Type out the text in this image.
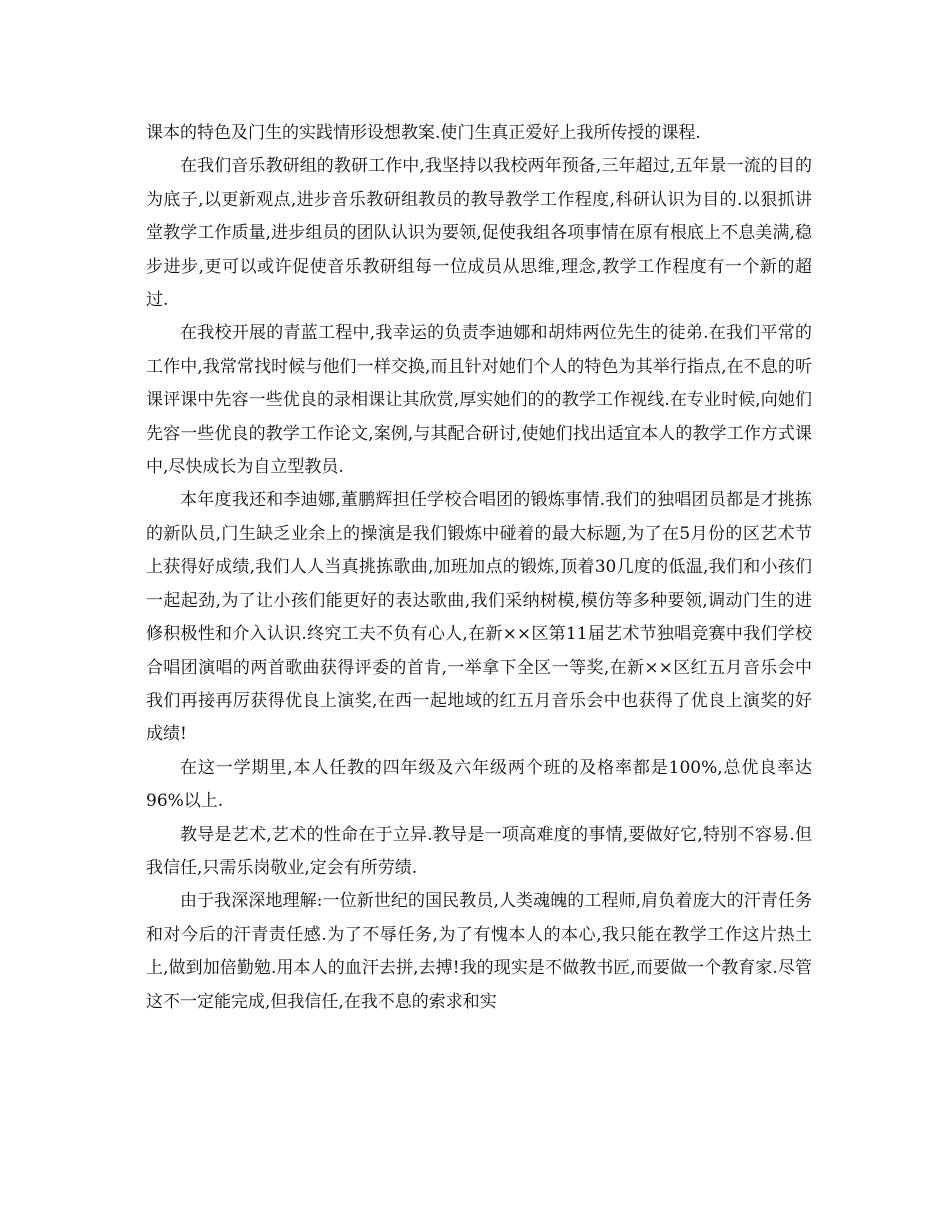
课本的特色及门生的实践情形设想教案.使门生真正爱好上我所传授的课程.

在我们音乐教研组的教研工作中,我坚持以我校两年预备,三年超过,五年景一流的目的为底子,以更新观点,进步音乐教研组教员的教导教学工作程度,科研认识为目的.以狠抓讲堂教学工作质量,进步组员的团队认识为要领,促使我组各项事情在原有根底上不息美满,稳步进步,更可以或许促使音乐教研组每一位成员从思维,理念,教学工作程度有一个新的超过.

在我校开展的青蓝工程中,我幸运的负责李迪娜和胡炜两位先生的徒弟.在我们平常的工作中,我常常找时候与他们一样交换,而且针对她们个人的特色为其举行指点,在不息的听课评课中先容一些优良的录相课让其欣赏,厚实她们的的教学工作视线.在专业时候,向她们先容一些优良的教学工作论文,案例,与其配合研讨,使她们找出适宜本人的教学工作方式课中,尽快成长为自立型教员.

本年度我还和李迪娜,董鹏辉担任学校合唱团的锻炼事情.我们的独唱团员都是才挑拣的新队员,门生缺乏业余上的操演是我们锻炼中碰着的最大标题,为了在5月份的区艺术节上获得好成绩,我们人人当真挑拣歌曲,加班加点的锻炼,顶着30几度的低温,我们和小孩们一起起劲,为了让小孩们能更好的表达歌曲,我们采纳树模,模仿等多种要领,调动门生的进修积极性和介入认识.终究工夫不负有心人,在新××区第11届艺术节独唱竞赛中我们学校合唱团演唱的两首歌曲获得评委的首肯,一举拿下全区一等奖,在新××区红五月音乐会中我们再接再厉获得优良上演奖,在西一起地域的红五月音乐会中也获得了优良上演奖的好成绩!

在这一学期里,本人任教的四年级及六年级两个班的及格率都是100%,总优良率达96%以上.

教导是艺术,艺术的性命在于立异.教导是一项高难度的事情,要做好它,特别不容易.但我信任,只需乐岗敬业,定会有所劳绩.

由于我深深地理解:一位新世纪的国民教员,人类魂魄的工程师,肩负着庞大的汗青任务和对今后的汗青责任感.为了不辱任务,为了有愧本人的本心,我只能在教学工作这片热土上,做到加倍勤勉.用本人的血汗去拼,去搏!我的现实是不做教书匠,而要做一个教育家.尽管这不一定能完成,但我信任,在我不息的索求和实
